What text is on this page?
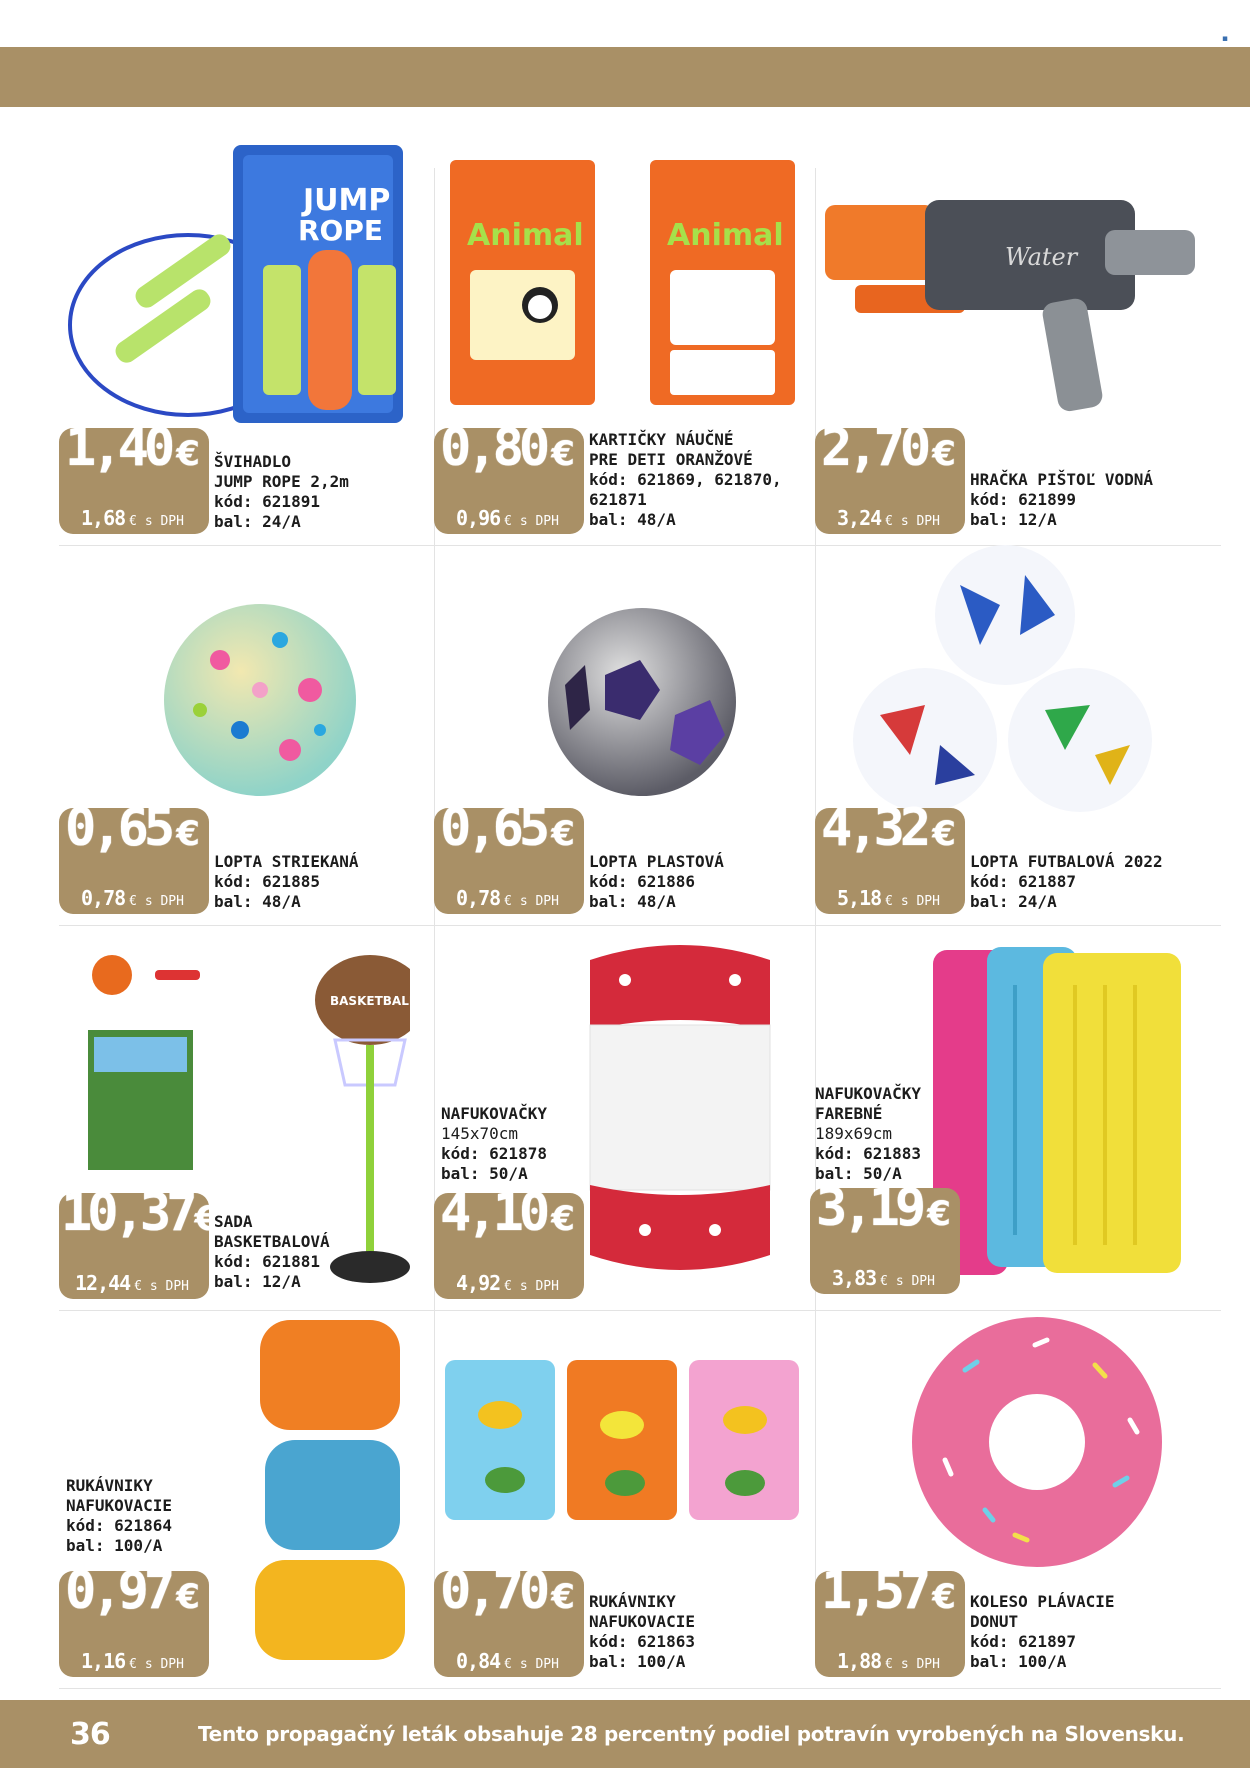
▪
JUMP
ROPE	Animal	Animal
Water
BASKETBALL
1,40 €
1,68 € s DPH
ŠVIHADLO
JUMP ROPE 2,2m
kód: 621891
bal: 24/A
0,80 €
0,96 € s DPH
KARTIČKY NÁUČNÉ
PRE DETI ORANŽOVÉ
kód: 621869, 621870,
621871
bal: 48/A
2,70 €
3,24 € s DPH
HRAČKA PIŠTOĽ VODNÁ
kód: 621899
bal: 12/A
0,65 €
0,78 € s DPH
LOPTA STRIEKANÁ
kód: 621885
bal: 48/A
0,65 €
0,78 € s DPH
LOPTA PLASTOVÁ
kód: 621886
bal: 48/A
4,32 €
5,18 € s DPH
LOPTA FUTBALOVÁ 2022
kód: 621887
bal: 24/A
10,37€
12,44 € s DPH
SADA
BASKETBALOVÁ
kód: 621881
bal: 12/A
NAFUKOVAČKY
145x70cm
kód: 621878
bal: 50/A
4,10 €
4,92 € s DPH
NAFUKOVAČKY
FAREBNÉ
189x69cm
kód: 621883
bal: 50/A
3,19 €
3,83 € s DPH
RUKÁVNIKY
NAFUKOVACIE
kód: 621864
bal: 100/A
0,97 €
1,16 € s DPH
0,70 €
0,84 € s DPH
RUKÁVNIKY
NAFUKOVACIE
kód: 621863
bal: 100/A
1,57 €
1,88 € s DPH
KOLESO PLÁVACIE
DONUT
kód: 621897
bal: 100/A
36	Tento propagačný leták obsahuje 28 percentný podiel potravín vyrobených na Slovensku.
